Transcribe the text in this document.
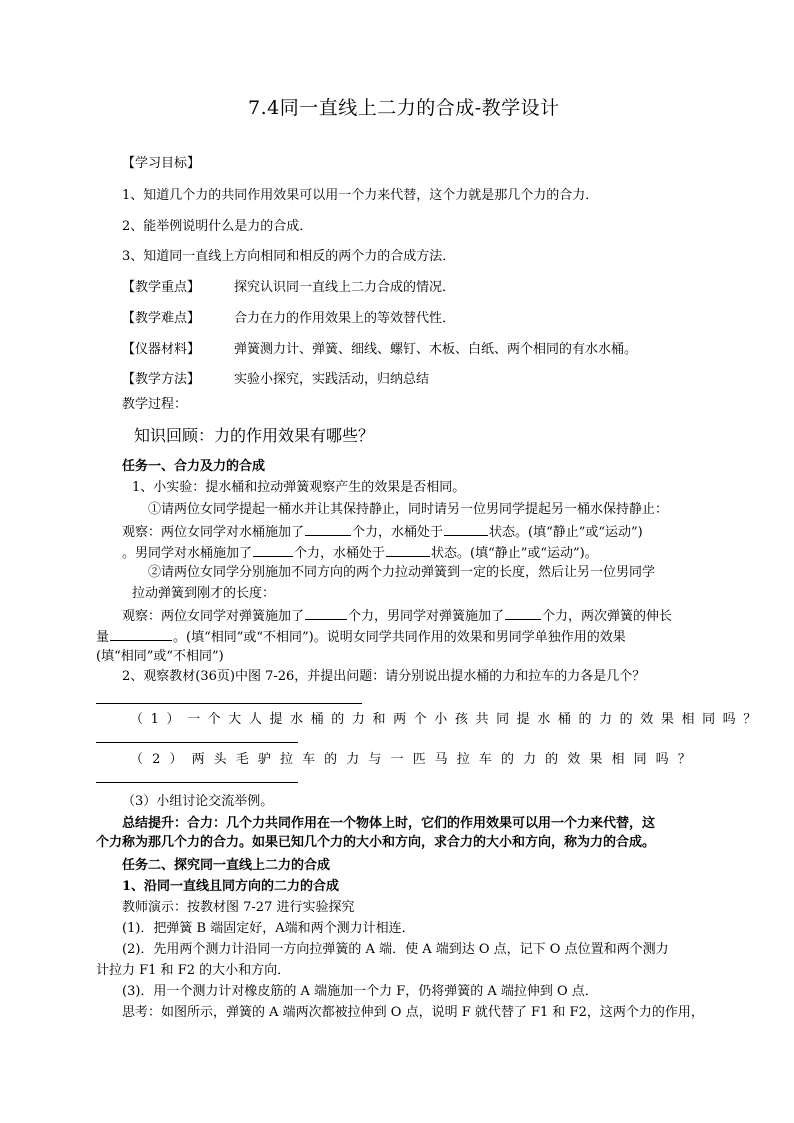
7.4同一直线上二力的合成-教学设计
【学习目标】
1、知道几个力的共同作用效果可以用一个力来代替，这个力就是那几个力的合力．
2、能举例说明什么是力的合成．
3、知道同一直线上方向相同和相反的两个力的合成方法．
【教学重点】	探究认识同一直线上二力合成的情况．
【教学难点】	合力在力的作用效果上的等效替代性．
【仪器材料】	弹簧测力计、弹簧、细线、螺钉、木板、白纸、两个相同的有水水桶。
【教学方法】	实验小探究，实践活动，归纳总结
教学过程：
知识回顾：力的作用效果有哪些？
任务一、合力及力的合成
1、小实验：提水桶和拉动弹簧观察产生的效果是否相同。
①请两位女同学提起一桶水并让其保持静止，同时请另一位男同学提起另一桶水保持静止：
观察：两位女同学对水桶施加了	个力，水桶处于	状态。(填“静止”或“运动”)
。男同学对水桶施加了	个力，水桶处于	状态。(填“静止”或“运动”)。
②请两位女同学分别施加不同方向的两个力拉动弹簧到一定的长度，然后让另一位男同学
拉动弹簧到刚才的长度：
观察：两位女同学对弹簧施加了	个力，男同学对弹簧施加了	个力，两次弹簧的伸长
量	。(填“相同”或“不相同”)。说明女同学共同作用的效果和男同学单独作用的效果
(填“相同”或“不相同”)
2、观察教材(36页)中图 7-26，并提出问题：请分别说出提水桶的力和拉车的力各是几个？
（1）一个大人提水桶的力和两个小孩共同提水桶的力的效果相同吗？
（2）两头毛驴拉车的力与一匹马拉车的力的效果相同吗？
（3）小组讨论交流举例。
总结提升：合力：几个力共同作用在一个物体上时，它们的作用效果可以用一个力来代替，这
个力称为那几个力的合力。如果已知几个力的大小和方向，求合力的大小和方向，称为力的合成。
任务二、探究同一直线上二力的合成
1、沿同一直线且同方向的二力的合成
教师演示：按教材图 7-27 进行实验探究
(1)．把弹簧 B 端固定好，A端和两个测力计相连．
(2)．先用两个测力计沿同一方向拉弹簧的 A 端．使 A 端到达 O 点，记下 O 点位置和两个测力
计拉力 F1 和 F2 的大小和方向．
(3)．用一个测力计对橡皮筋的 A 端施加一个力 F，仍将弹簧的 A 端拉伸到 O 点．
思考：如图所示，弹簧的 A 端两次都被拉伸到 O 点，说明 F 就代替了 F1 和 F2，这两个力的作用，
